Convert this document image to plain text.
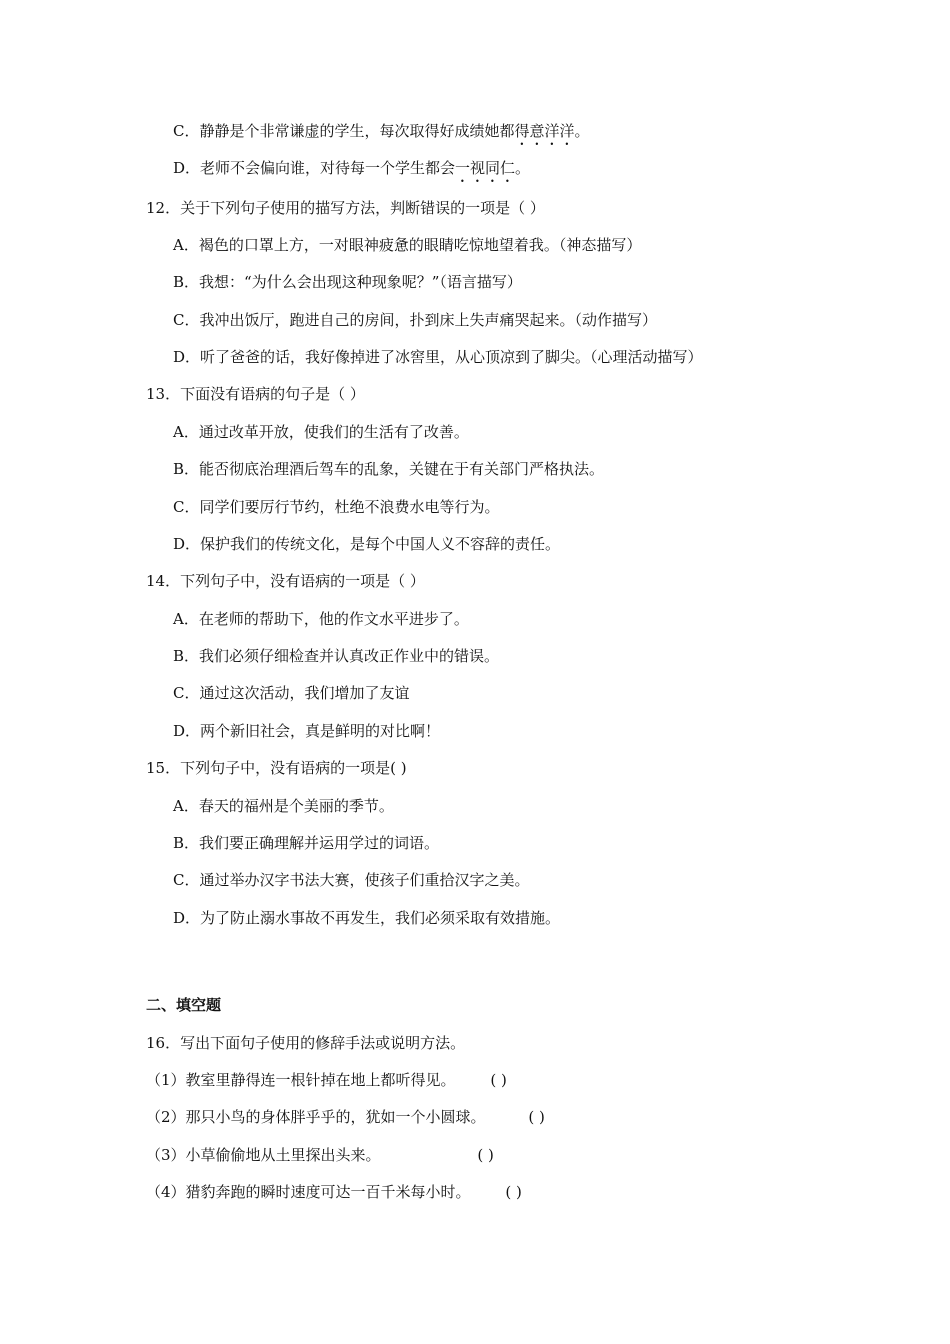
C．静静是个非常谦虚的学生，每次取得好成绩她都得意洋洋。
D．老师不会偏向谁，对待每一个学生都会一视同仁。
12．关于下列句子使用的描写方法，判断错误的一项是（ ）
A．褐色的口罩上方，一对眼神疲惫的眼睛吃惊地望着我。（神态描写）
B．我想：“为什么会出现这种现象呢？”（语言描写）
C．我冲出饭厅，跑进自己的房间，扑到床上失声痛哭起来。（动作描写）
D．听了爸爸的话，我好像掉进了冰窖里，从心顶凉到了脚尖。（心理活动描写）
13．下面没有语病的句子是（ ）
A．通过改革开放，使我们的生活有了改善。
B．能否彻底治理酒后驾车的乱象，关键在于有关部门严格执法。
C．同学们要厉行节约，杜绝不浪费水电等行为。
D．保护我们的传统文化，是每个中国人义不容辞的责任。
14．下列句子中，没有语病的一项是（ ）
A．在老师的帮助下，他的作文水平进步了。
B．我们必须仔细检查并认真改正作业中的错误。
C．通过这次活动，我们增加了友谊
D．两个新旧社会，真是鲜明的对比啊！
15．下列句子中，没有语病的一项是( )
A．春天的福州是个美丽的季节。
B．我们要正确理解并运用学过的词语。
C．通过举办汉字书法大赛，使孩子们重拾汉字之美。
D．为了防止溺水事故不再发生，我们必须采取有效措施。
二、填空题
16．写出下面句子使用的修辞手法或说明方法。
（1）教室里静得连一根针掉在地上都听得见。 ( )
（2）那只小鸟的身体胖乎乎的，犹如一个小圆球。	( )
（3）小草偷偷地从土里探出头来。	( )
（4）猎豹奔跑的瞬时速度可达一百千米每小时。 ( )
